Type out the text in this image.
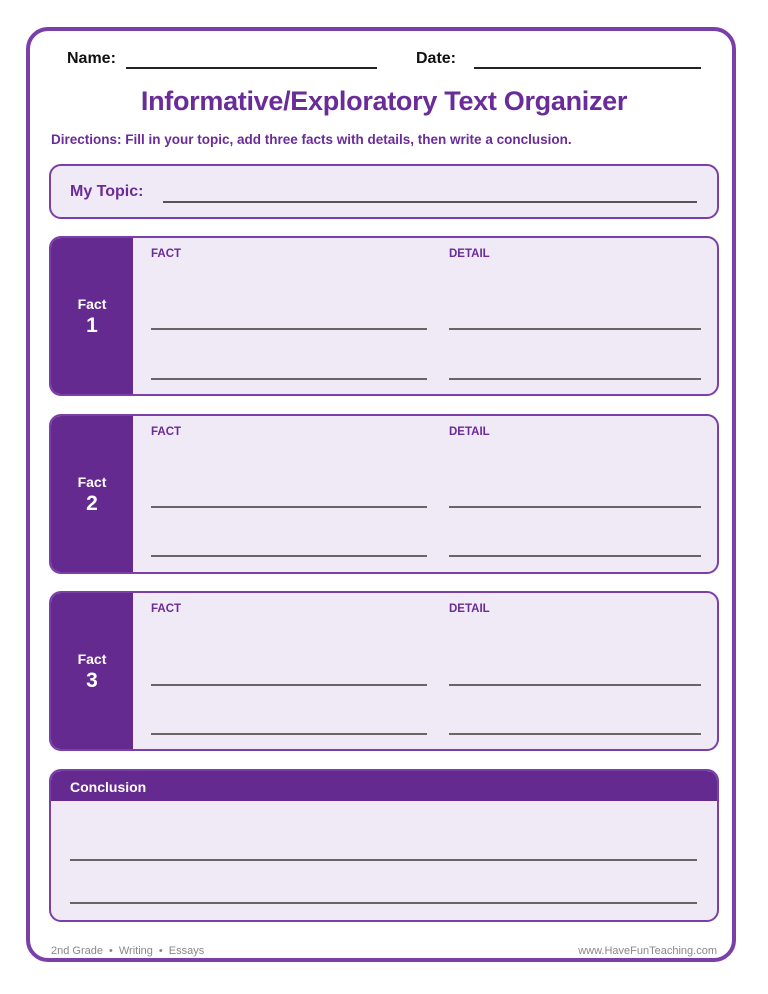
Name:	Date:
Informative/Exploratory Text Organizer
Directions: Fill in your topic, add three facts with details, then write a conclusion.
My Topic:
Fact
1
FACT	DETAIL
Fact
2
FACT	DETAIL
Fact
3
FACT	DETAIL
Conclusion
2nd Grade • Writing • Essays	www.HaveFunTeaching.com
